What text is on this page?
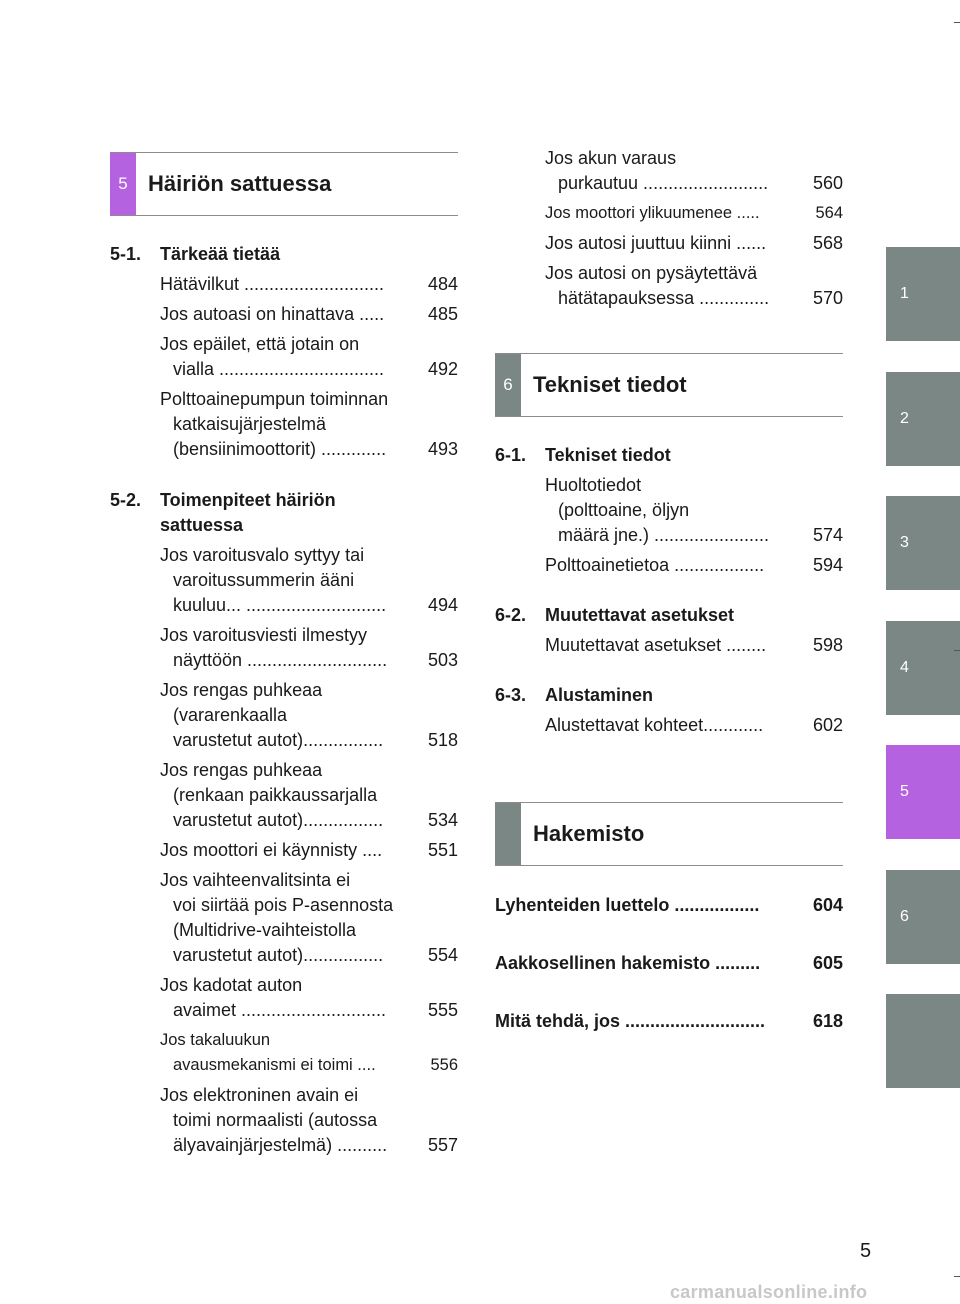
5 Häiriön sattuessa
5-1.	Tärkeää tietää
Hätävilkut ............................	484
Jos autoasi on hinattava .....	485
Jos epäilet, että jotain on
vialla .................................	492
Polttoainepumpun toiminnan
katkaisujärjestelmä
(bensiinimoottorit) .............	493
5-2.	Toimenpiteet häiriön
sattuessa
Jos varoitusvalo syttyy tai
varoitussummerin ääni
kuuluu... ............................	494
Jos varoitusviesti ilmestyy
näyttöön ............................	503
Jos rengas puhkeaa
(vararenkaalla
varustetut autot)................	518
Jos rengas puhkeaa
(renkaan paikkaussarjalla
varustetut autot)................	534
Jos moottori ei käynnisty ....	551
Jos vaihteenvalitsinta ei
voi siirtää pois P-asennosta
(Multidrive-vaihteistolla
varustetut autot)................	554
Jos kadotat auton
avaimet .............................	555
Jos takaluukun
avausmekanismi ei toimi ....	556
Jos elektroninen avain ei
toimi normaalisti (autossa
älyavainjärjestelmä) ..........	557
Jos akun varaus
purkautuu .........................	560
Jos moottori ylikuumenee .....	564
Jos autosi juuttuu kiinni ......	568
Jos autosi on pysäytettävä
hätätapauksessa ..............	570
6 Tekniset tiedot
6-1.	Tekniset tiedot
Huoltotiedot
(polttoaine, öljyn
määrä jne.) .......................	574
Polttoainetietoa ..................	594
6-2.	Muutettavat asetukset
Muutettavat asetukset ........	598
6-3.	Alustaminen
Alustettavat kohteet............	602
Hakemisto
Lyhenteiden luettelo .................	604
Aakkosellinen hakemisto .........	605
Mitä tehdä, jos ............................	618
1
2
3
4
5
6
5
carmanualsonline.info
